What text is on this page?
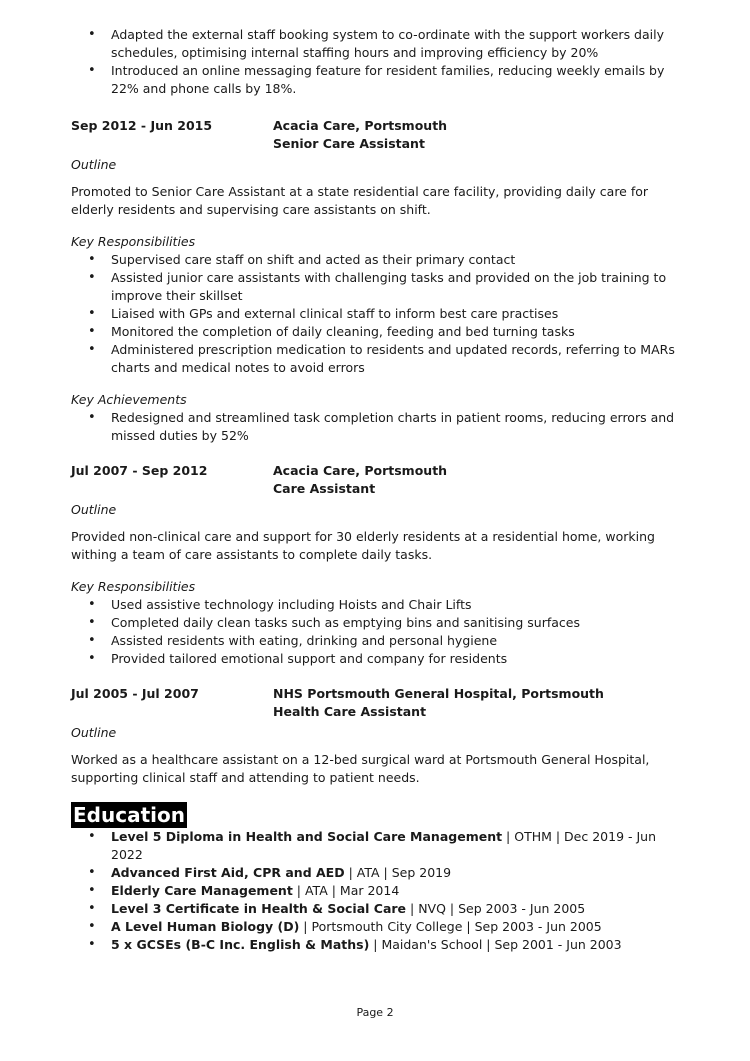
• Adapted the external staff booking system to co-ordinate with the support workers daily schedules, optimising internal staffing hours and improving efficiency by 20%
• Introduced an online messaging feature for resident families, reducing weekly emails by 22% and phone calls by 18%.
Sep 2012 - Jun 2015	Acacia Care, Portsmouth
Senior Care Assistant
Outline
Promoted to Senior Care Assistant at a state residential care facility, providing daily care for elderly residents and supervising care assistants on shift.
Key Responsibilities
• Supervised care staff on shift and acted as their primary contact
• Assisted junior care assistants with challenging tasks and provided on the job training to improve their skillset
• Liaised with GPs and external clinical staff to inform best care practises
• Monitored the completion of daily cleaning, feeding and bed turning tasks
• Administered prescription medication to residents and updated records, referring to MARs charts and medical notes to avoid errors
Key Achievements
• Redesigned and streamlined task completion charts in patient rooms, reducing errors and missed duties by 52%
Jul 2007 - Sep 2012	Acacia Care, Portsmouth
Care Assistant
Outline
Provided non-clinical care and support for 30 elderly residents at a residential home, working withing a team of care assistants to complete daily tasks.
Key Responsibilities
• Used assistive technology including Hoists and Chair Lifts
• Completed daily clean tasks such as emptying bins and sanitising surfaces
• Assisted residents with eating, drinking and personal hygiene
• Provided tailored emotional support and company for residents
Jul 2005 - Jul 2007	NHS Portsmouth General Hospital, Portsmouth
Health Care Assistant
Outline
Worked as a healthcare assistant on a 12-bed surgical ward at Portsmouth General Hospital, supporting clinical staff and attending to patient needs.
Education
• Level 5 Diploma in Health and Social Care Management | OTHM | Dec 2019 - Jun 2022
• Advanced First Aid, CPR and AED | ATA | Sep 2019
• Elderly Care Management | ATA | Mar 2014
• Level 3 Certificate in Health & Social Care | NVQ | Sep 2003 - Jun 2005
• A Level Human Biology (D) | Portsmouth City College | Sep 2003 - Jun 2005
• 5 x GCSEs (B-C Inc. English & Maths) | Maidan's School | Sep 2001 - Jun 2003
Page 2
